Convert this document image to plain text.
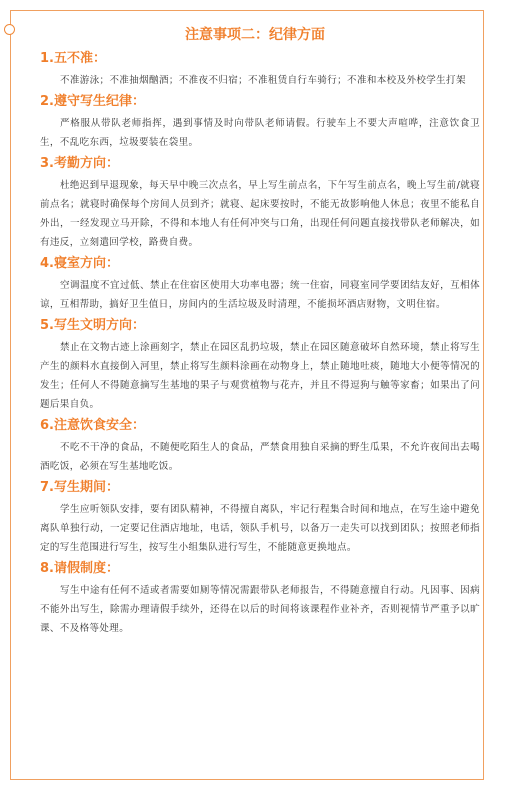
注意事项二：纪律方面

1.五不准：

不准游泳；不准抽烟酗酒；不准夜不归宿；不准租赁自行车骑行；不准和本校及外校学生打架

2.遵守写生纪律：

严格服从带队老师指挥，遇到事情及时向带队老师请假。行驶车上不要大声喧哗，注意饮食卫生，不乱吃东西，垃圾要装在袋里。

3.考勤方向：

杜绝迟到早退现象，每天早中晚三次点名，早上写生前点名，下午写生前点名，晚上写生前/就寝前点名；就寝时确保每个房间人员到齐；就寝、起床要按时，不能无故影响他人休息；夜里不能私自外出，一经发现立马开除，不得和本地人有任何冲突与口角，出现任何问题直接找带队老师解决，如有违反，立刻遣回学校，路费自费。

4.寝室方向：

空调温度不宜过低、禁止在住宿区使用大功率电器；统一住宿，同寝室同学要团结友好，互相体谅，互相帮助，搞好卫生值日，房间内的生活垃圾及时清理，不能损坏酒店财物，文明住宿。

5.写生文明方向：

禁止在文物古迹上涂画刻字，禁止在园区乱扔垃圾，禁止在园区随意破坏自然环境，禁止将写生产生的颜料水直接倒入河里，禁止将写生颜料涂画在动物身上，禁止随地吐痰，随地大小便等情况的发生；任何人不得随意摘写生基地的果子与观赏植物与花卉，并且不得逗狗与触等家畜；如果出了问题后果自负。

6.注意饮食安全：

不吃不干净的食品，不随便吃陌生人的食品，严禁食用独自采摘的野生瓜果，不允许夜间出去喝酒吃饭，必须在写生基地吃饭。

7.写生期间：

学生应听领队安排，要有团队精神，不得擅自离队，牢记行程集合时间和地点，在写生途中避免离队单独行动，一定要记住酒店地址，电话，领队手机号，以备万一走失可以找到团队；按照老师指定的写生范围进行写生，按写生小组集队进行写生，不能随意更换地点。

8.请假制度：

写生中途有任何不适或者需要如厕等情况需跟带队老师报告，不得随意擅自行动。凡因事、因病不能外出写生，除需办理请假手续外，还得在以后的时间将该课程作业补齐，否则视情节严重予以旷课、不及格等处理。
